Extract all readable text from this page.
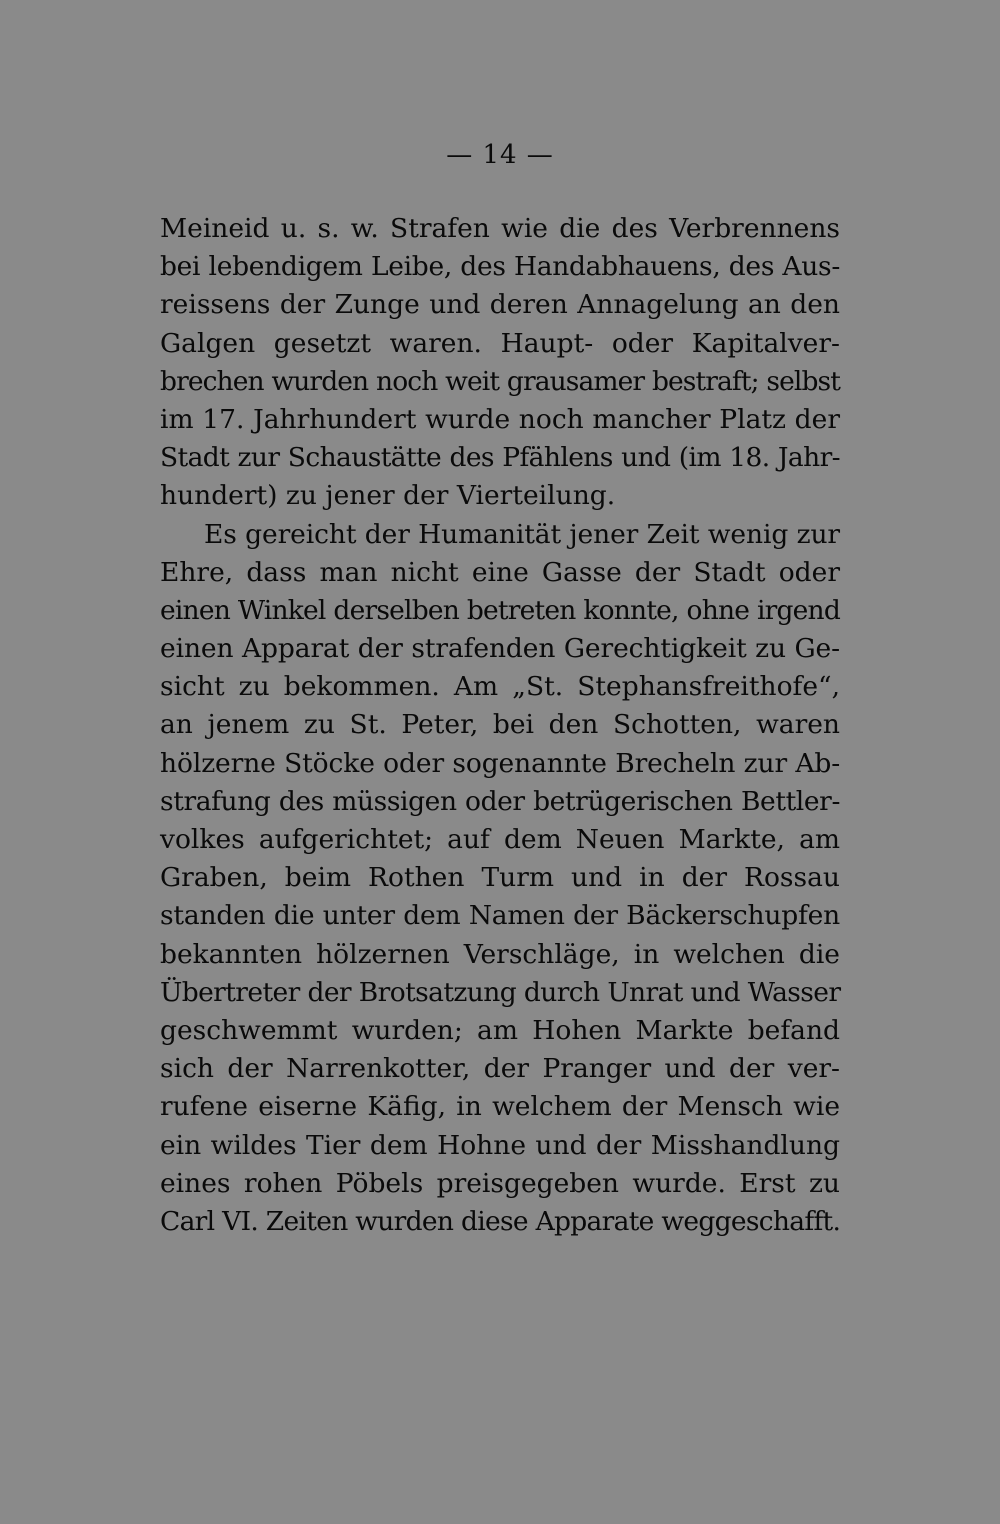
— 14 —
Meineid u. s. w. Strafen wie die des Verbrennens
bei lebendigem Leibe, des Handabhauens, des Aus-
reissens der Zunge und deren Annagelung an den
Galgen gesetzt waren. Haupt- oder Kapitalver-
brechen wurden noch weit grausamer bestraft; selbst
im 17. Jahrhundert wurde noch mancher Platz der
Stadt zur Schaustätte des Pfählens und (im 18. Jahr-
hundert) zu jener der Vierteilung.
Es gereicht der Humanität jener Zeit wenig zur
Ehre, dass man nicht eine Gasse der Stadt oder
einen Winkel derselben betreten konnte, ohne irgend
einen Apparat der strafenden Gerechtigkeit zu Ge-
sicht zu bekommen. Am „St. Stephansfreithofe“,
an jenem zu St. Peter, bei den Schotten, waren
hölzerne Stöcke oder sogenannte Brecheln zur Ab-
strafung des müssigen oder betrügerischen Bettler-
volkes aufgerichtet; auf dem Neuen Markte, am
Graben, beim Rothen Turm und in der Rossau
standen die unter dem Namen der Bäckerschupfen
bekannten hölzernen Verschläge, in welchen die
Übertreter der Brotsatzung durch Unrat und Wasser
geschwemmt wurden; am Hohen Markte befand
sich der Narrenkotter, der Pranger und der ver-
rufene eiserne Käfig, in welchem der Mensch wie
ein wildes Tier dem Hohne und der Misshandlung
eines rohen Pöbels preisgegeben wurde. Erst zu
Carl VI. Zeiten wurden diese Apparate weggeschafft.
